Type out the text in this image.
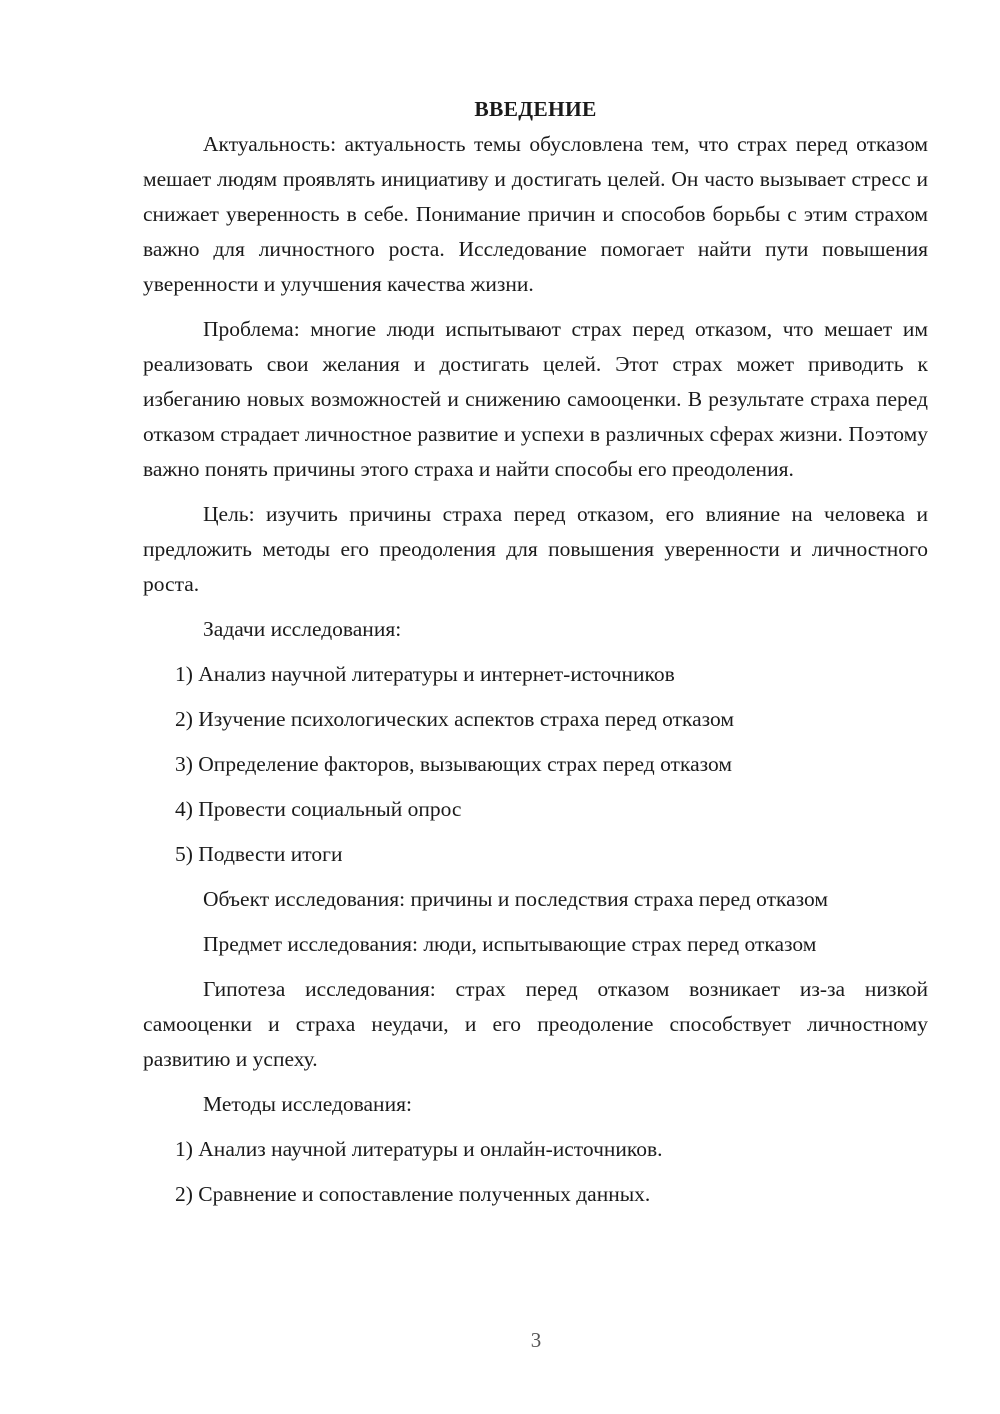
ВВЕДЕНИЕ

Актуальность: актуальность темы обусловлена тем, что страх перед отказом мешает людям проявлять инициативу и достигать целей. Он часто вызывает стресс и снижает уверенность в себе. Понимание причин и способов борьбы с этим страхом важно для личностного роста. Исследование помогает найти пути повышения уверенности и улучшения качества жизни.

Проблема: многие люди испытывают страх перед отказом, что мешает им реализовать свои желания и достигать целей. Этот страх может приводить к избеганию новых возможностей и снижению самооценки. В результате страха перед отказом страдает личностное развитие и успехи в различных сферах жизни. Поэтому важно понять причины этого страха и найти способы его преодоления.

Цель: изучить причины страха перед отказом, его влияние на человека и предложить методы его преодоления для повышения уверенности и личностного роста.

Задачи исследования:

1) Анализ научной литературы и интернет-источников

2) Изучение психологических аспектов страха перед отказом

3) Определение факторов, вызывающих страх перед отказом

4) Провести социальный опрос

5) Подвести итоги

Объект исследования: причины и последствия страха перед отказом

Предмет исследования: люди, испытывающие страх перед отказом

Гипотеза исследования: страх перед отказом возникает из-за низкой самооценки и страха неудачи, и его преодоление способствует личностному развитию и успеху.

Методы исследования:

1) Анализ научной литературы и онлайн-источников.

2) Сравнение и сопоставление полученных данных.

3
